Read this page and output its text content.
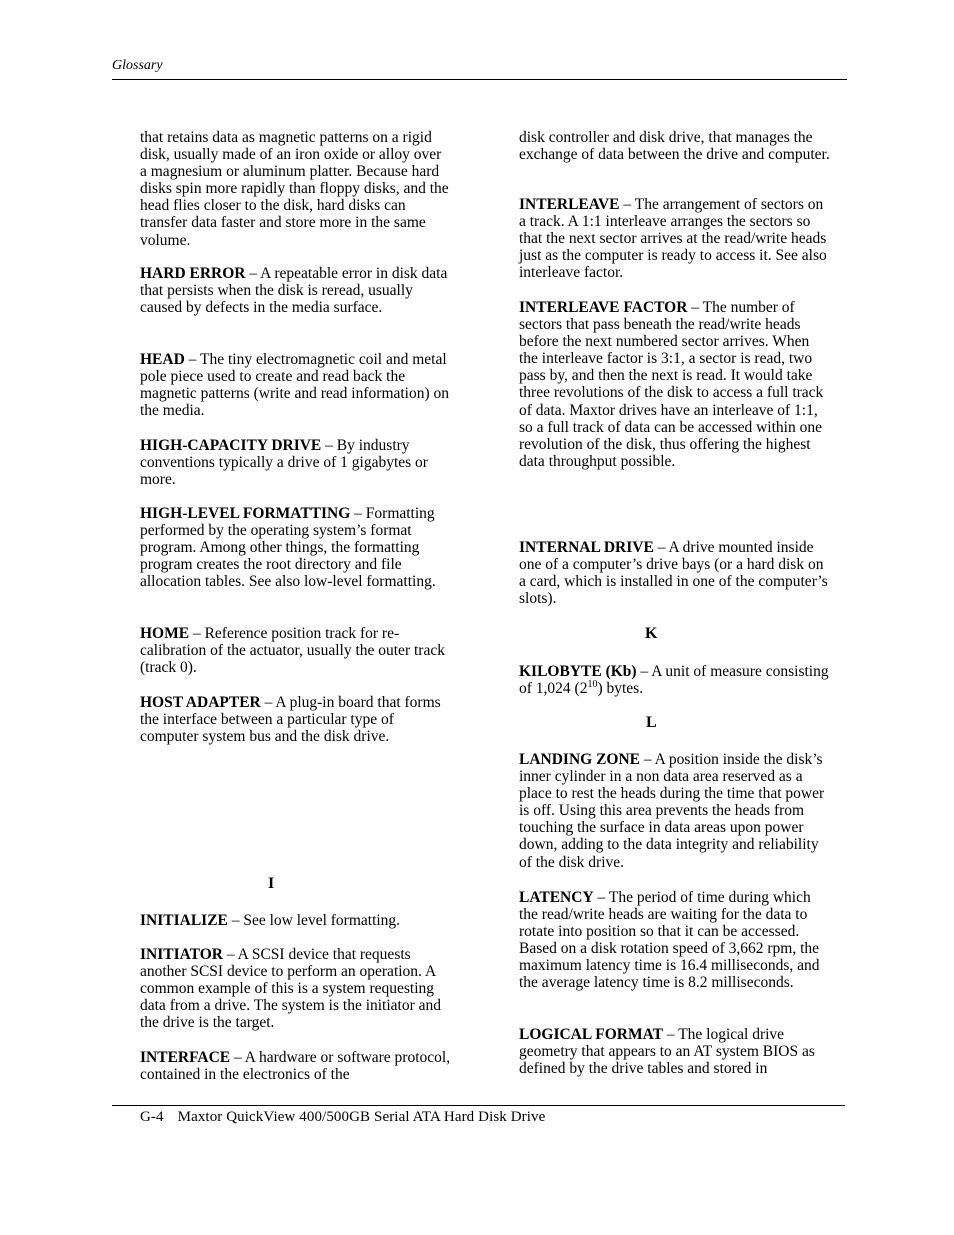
Glossary

that retains data as magnetic patterns on a rigid disk, usually made of an iron oxide or alloy over a magnesium or aluminum platter. Because hard disks spin more rapidly than floppy disks, and the head flies closer to the disk, hard disks can transfer data faster and store more in the same volume.

HARD ERROR – A repeatable error in disk data that persists when the disk is reread, usually caused by defects in the media surface.

HEAD – The tiny electromagnetic coil and metal pole piece used to create and read back the magnetic patterns (write and read information) on the media.

HIGH-CAPACITY DRIVE – By industry conventions typically a drive of 1 gigabytes or more.

HIGH-LEVEL FORMATTING – Formatting performed by the operating system’s format program. Among other things, the formatting program creates the root directory and file allocation tables. See also low-level formatting.

HOME – Reference position track for re-calibration of the actuator, usually the outer track (track 0).

HOST ADAPTER – A plug-in board that forms the interface between a particular type of computer system bus and the disk drive.

I

INITIALIZE – See low level formatting.

INITIATOR – A SCSI device that requests another SCSI device to perform an operation. A common example of this is a system requesting data from a drive. The system is the initiator and the drive is the target.

INTERFACE – A hardware or software protocol, contained in the electronics of the

disk controller and disk drive, that manages the exchange of data between the drive and computer.

INTERLEAVE – The arrangement of sectors on a track. A 1:1 interleave arranges the sectors so that the next sector arrives at the read/write heads just as the computer is ready to access it. See also interleave factor.

INTERLEAVE FACTOR – The number of sectors that pass beneath the read/write heads before the next numbered sector arrives. When the interleave factor is 3:1, a sector is read, two pass by, and then the next is read. It would take three revolutions of the disk to access a full track of data. Maxtor drives have an interleave of 1:1, so a full track of data can be accessed within one revolution of the disk, thus offering the highest data throughput possible.

INTERNAL DRIVE – A drive mounted inside one of a computer’s drive bays (or a hard disk on a card, which is installed in one of the computer’s slots).

K

KILOBYTE (Kb) – A unit of measure consisting of 1,024 $(2^{10})$ bytes.

L

LANDING ZONE – A position inside the disk’s inner cylinder in a non data area reserved as a place to rest the heads during the time that power is off. Using this area prevents the heads from touching the surface in data areas upon power down, adding to the data integrity and reliability of the disk drive.

LATENCY – The period of time during which the read/write heads are waiting for the data to rotate into position so that it can be accessed. Based on a disk rotation speed of 3,662 rpm, the maximum latency time is 16.4 milliseconds, and the average latency time is 8.2 milliseconds.

LOGICAL FORMAT – The logical drive geometry that appears to an AT system BIOS as defined by the drive tables and stored in

G-4 Maxtor QuickView 400/500GB Serial ATA Hard Disk Drive
